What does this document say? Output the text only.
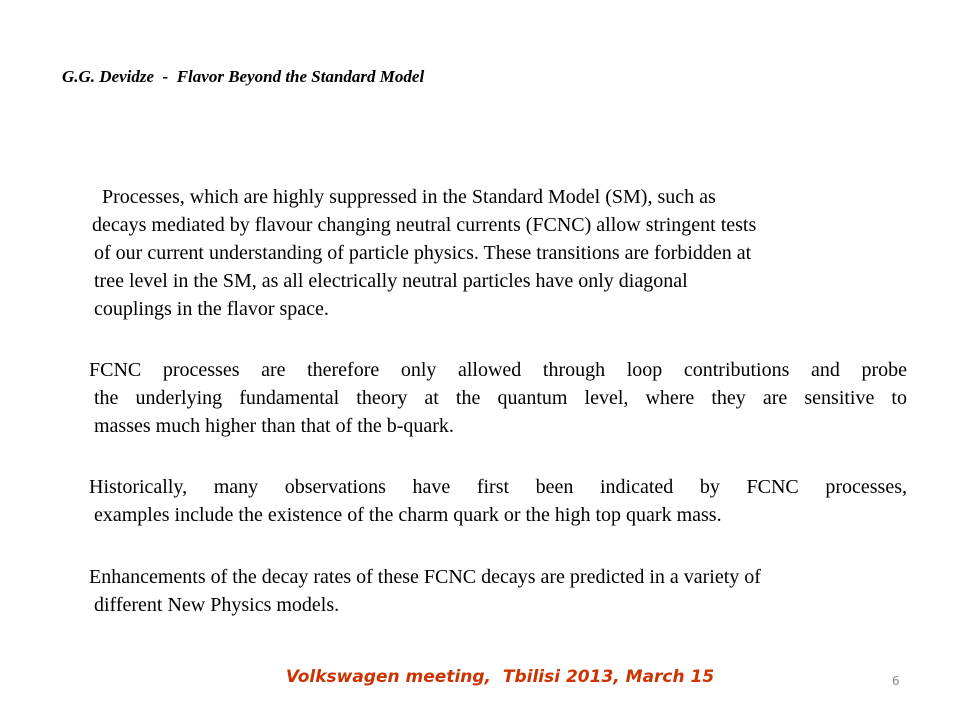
G.G. Devidze  -  Flavor Beyond the Standard Model
Processes, which are highly suppressed in the Standard Model (SM), such as
decays mediated by flavour changing neutral currents (FCNC) allow stringent tests
of our current understanding of particle physics. These transitions are forbidden at
tree level in the SM, as all electrically neutral particles have only diagonal
couplings in the flavor space.
FCNC processes are therefore only allowed through loop contributions and probe
the underlying fundamental theory at the quantum level, where they are sensitive to
masses much higher than that of the b-quark.
Historically, many observations have first been indicated by FCNC processes,
examples include the existence of the charm quark or the high top quark mass.
Enhancements of the decay rates of these FCNC decays are predicted in a variety of
different New Physics models.
Volkswagen meeting,  Tbilisi 2013, March 15	6
